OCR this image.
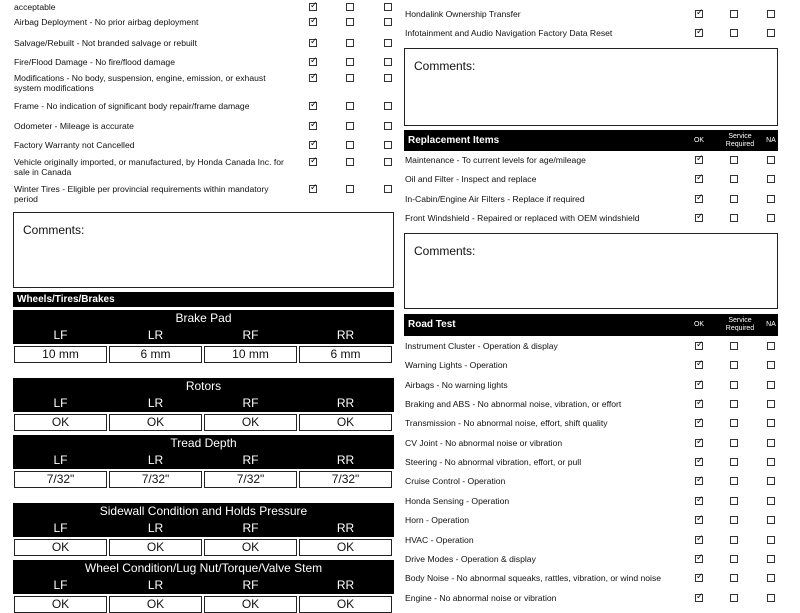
acceptable
✓
Airbag Deployment - No prior airbag deployment
✓
Salvage/Rebuilt - Not branded salvage or rebuilt
✓
Fire/Flood Damage - No fire/flood damage
✓
Modifications - No body, suspension, engine, emission, or exhaust
system modifications
✓
Frame - No indication of significant body repair/frame damage
✓
Odometer - Mileage is accurate
✓
Factory Warranty not Cancelled
✓
Vehicle originally imported, or manufactured, by Honda Canada Inc. for
sale in Canada
✓
Winter Tires - Eligible per provincial requirements within mandatory
period
✓
Comments:
Wheels/Tires/Brakes
Brake Pad
LF
10 mm
LR
6 mm
RF
10 mm
RR
6 mm
Rotors
LF
OK
LR
OK
RF
OK
RR
OK
Tread Depth
LF
7/32"
LR
7/32"
RF
7/32"
RR
7/32"
Sidewall Condition and Holds Pressure
LF
OK
LR
OK
RF
OK
RR
OK
Wheel Condition/Lug Nut/Torque/Valve Stem
LF
OK
LR
OK
RF
OK
RR
OK
Hondalink Ownership Transfer
✓
Infotainment and Audio Navigation Factory Data Reset
✓
Comments:
Replacement Items	OK
Service
Required
NA
Maintenance - To current levels for age/mileage
✓
Oil and Filter - Inspect and replace
✓
In-Cabin/Engine Air Filters - Replace if required
✓
Front Windshield - Repaired or replaced with OEM windshield
✓
Comments:
Road Test	OK
Service
Required
NA
Instrument Cluster - Operation & display
✓
Warning Lights - Operation
✓
Airbags - No warning lights
✓
Braking and ABS - No abnormal noise, vibration, or effort
✓
Transmission - No abnormal noise, effort, shift quality
✓
CV Joint - No abnormal noise or vibration
✓
Steering - No abnormal vibration, effort, or pull
✓
Cruise Control - Operation
✓
Honda Sensing - Operation
✓
Horn - Operation
✓
HVAC - Operation
✓
Drive Modes - Operation & display
✓
Body Noise - No abnormal squeaks, rattles, vibration, or wind noise
✓
Engine - No abnormal noise or vibration
✓
